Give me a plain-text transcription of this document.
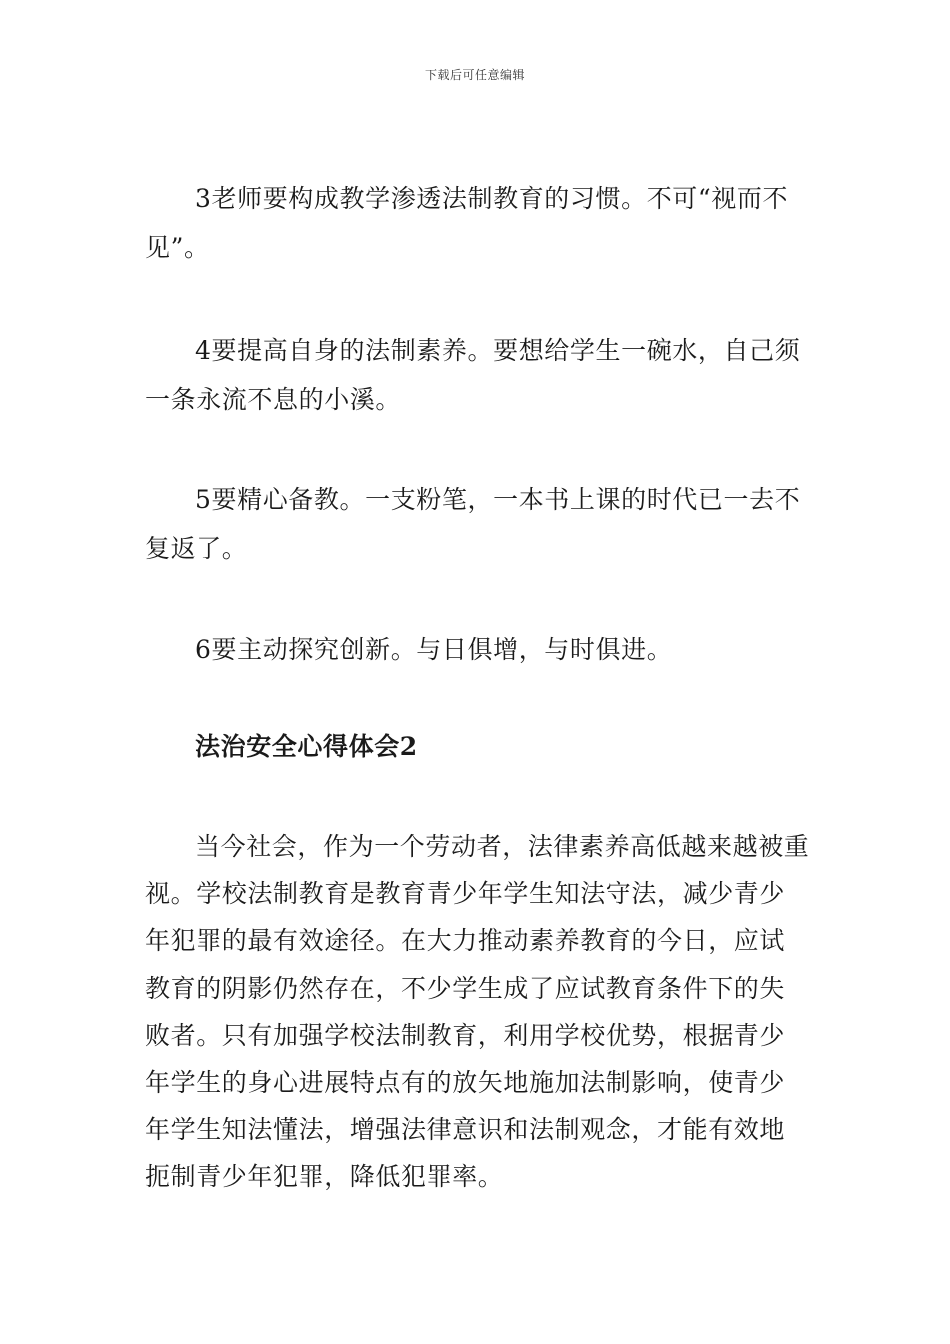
下载后可任意编辑

3老师要构成教学渗透法制教育的习惯。不可“视而不见”。

4要提高自身的法制素养。要想给学生一碗水，自己须一条永流不息的小溪。

5要精心备教。一支粉笔，一本书上课的时代已一去不复返了。

6要主动探究创新。与日俱增，与时俱进。

法治安全心得体会2

当今社会，作为一个劳动者，法律素养高低越来越被重视。学校法制教育是教育青少年学生知法守法，减少青少年犯罪的最有效途径。在大力推动素养教育的今日，应试教育的阴影仍然存在，不少学生成了应试教育条件下的失败者。只有加强学校法制教育，利用学校优势，根据青少年学生的身心进展特点有的放矢地施加法制影响，使青少年学生知法懂法，增强法律意识和法制观念，才能有效地扼制青少年犯罪，降低犯罪率。
